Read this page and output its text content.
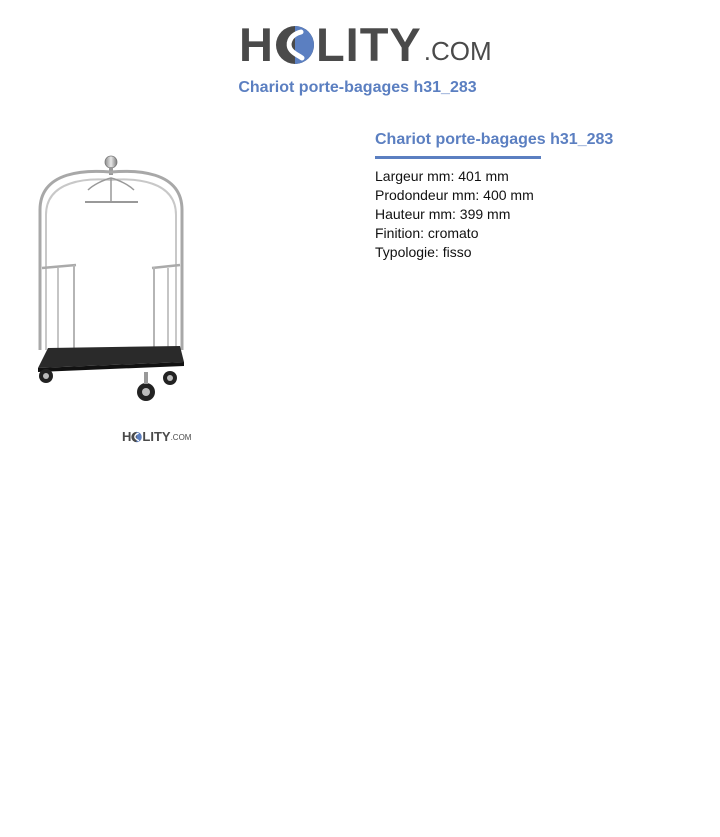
H LITY .COM
Chariot porte-bagages h31_283
H LITY .COM
Chariot porte-bagages h31_283
Largeur mm: 401 mm
Prodondeur mm: 400 mm
Hauteur mm: 399 mm
Finition: cromato
Typologie: fisso
